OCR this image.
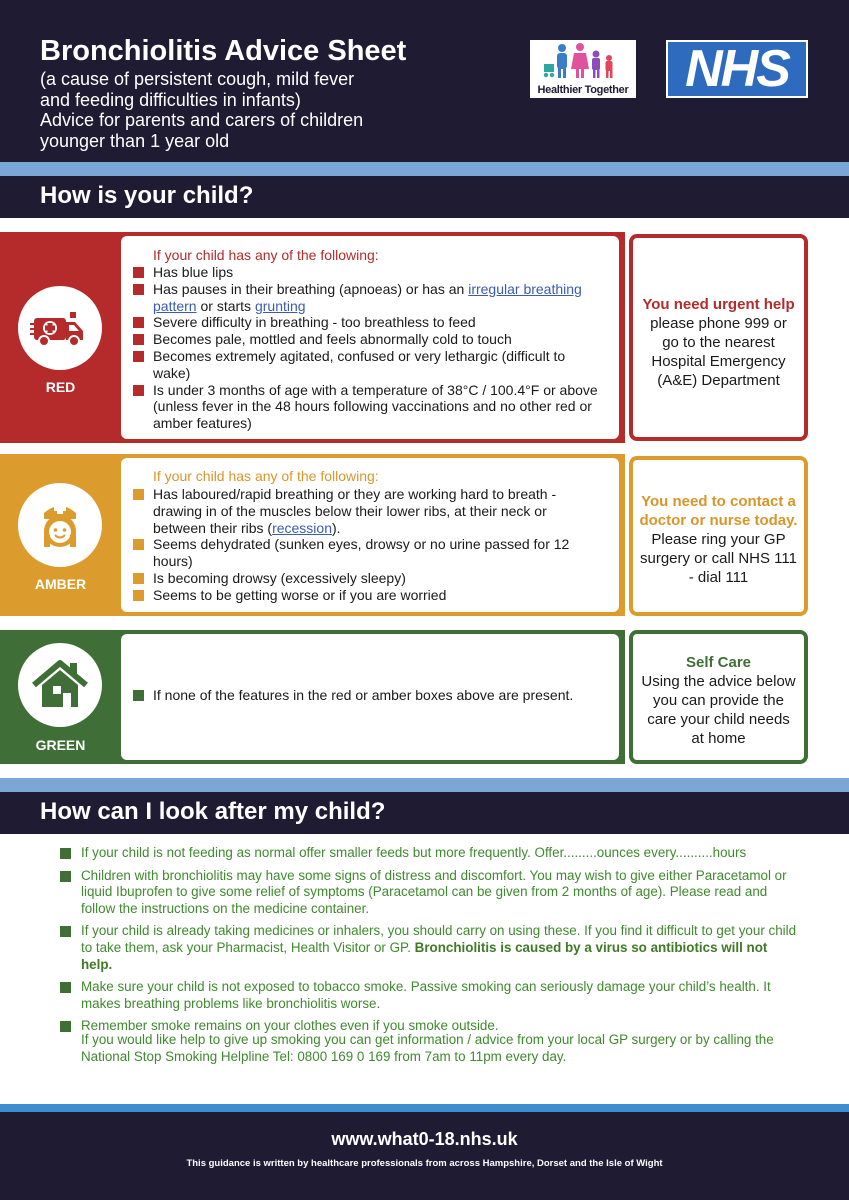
Bronchiolitis Advice Sheet
(a cause of persistent cough, mild fever
and feeding difficulties in infants)
Advice for parents and carers of children
younger than 1 year old
Healthier Together	NHS
How is your child?
RED
If your child has any of the following:
Has blue lips
Has pauses in their breathing (apnoeas) or has an irregular breathing pattern or starts grunting
Severe difficulty in breathing - too breathless to feed
Becomes pale, mottled and feels abnormally cold to touch
Becomes extremely agitated, confused or very lethargic (difficult to wake)
Is under 3 months of age with a temperature of 38°C / 100.4°F or above (unless fever in the 48 hours following vaccinations and no other red or amber features)
You need urgent help
please phone 999 or go to the nearest Hospital Emergency (A&E) Department
AMBER
If your child has any of the following:
Has laboured/rapid breathing or they are working hard to breath - drawing in of the muscles below their lower ribs, at their neck or between their ribs (recession).
Seems dehydrated (sunken eyes, drowsy or no urine passed for 12 hours)
Is becoming drowsy (excessively sleepy)
Seems to be getting worse or if you are worried
You need to contact a doctor or nurse today.
Please ring your GP surgery or call NHS 111 - dial 111
GREEN
If none of the features in the red or amber boxes above are present.
Self Care
Using the advice below you can provide the care your child needs at home
How can I look after my child?
If your child is not feeding as normal offer smaller feeds but more frequently. Offer.........ounces every..........hours
Children with bronchiolitis may have some signs of distress and discomfort. You may wish to give either Paracetamol or liquid Ibuprofen to give some relief of symptoms (Paracetamol can be given from 2 months of age). Please read and follow the instructions on the medicine container.
If your child is already taking medicines or inhalers, you should carry on using these. If you find it difficult to get your child to take them, ask your Pharmacist, Health Visitor or GP. Bronchiolitis is caused by a virus so antibiotics will not help.
Make sure your child is not exposed to tobacco smoke. Passive smoking can seriously damage your child’s health. It makes breathing problems like bronchiolitis worse.
Remember smoke remains on your clothes even if you smoke outside.
If you would like help to give up smoking you can get information / advice from your local GP surgery or by calling the National Stop Smoking Helpline Tel: 0800 169 0 169 from 7am to 11pm every day.
www.what0-18.nhs.uk
This guidance is written by healthcare professionals from across Hampshire, Dorset and the Isle of Wight
